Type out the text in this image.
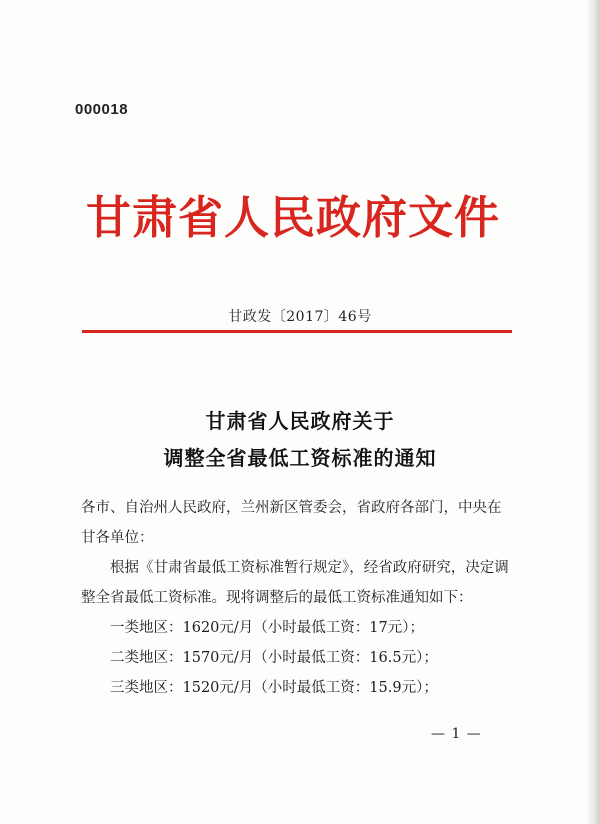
000018
甘肃省人民政府文件
甘政发〔2017〕46号
甘肃省人民政府关于
调整全省最低工资标准的通知

各市、自治州人民政府，兰州新区管委会，省政府各部门，中央在甘各单位：

根据《甘肃省最低工资标准暂行规定》，经省政府研究，决定调整全省最低工资标准。现将调整后的最低工资标准通知如下：

一类地区：1620元/月（小时最低工资：17元）；

二类地区：1570元/月（小时最低工资：16.5元）；

三类地区：1520元/月（小时最低工资：15.9元）；

— 1 —
